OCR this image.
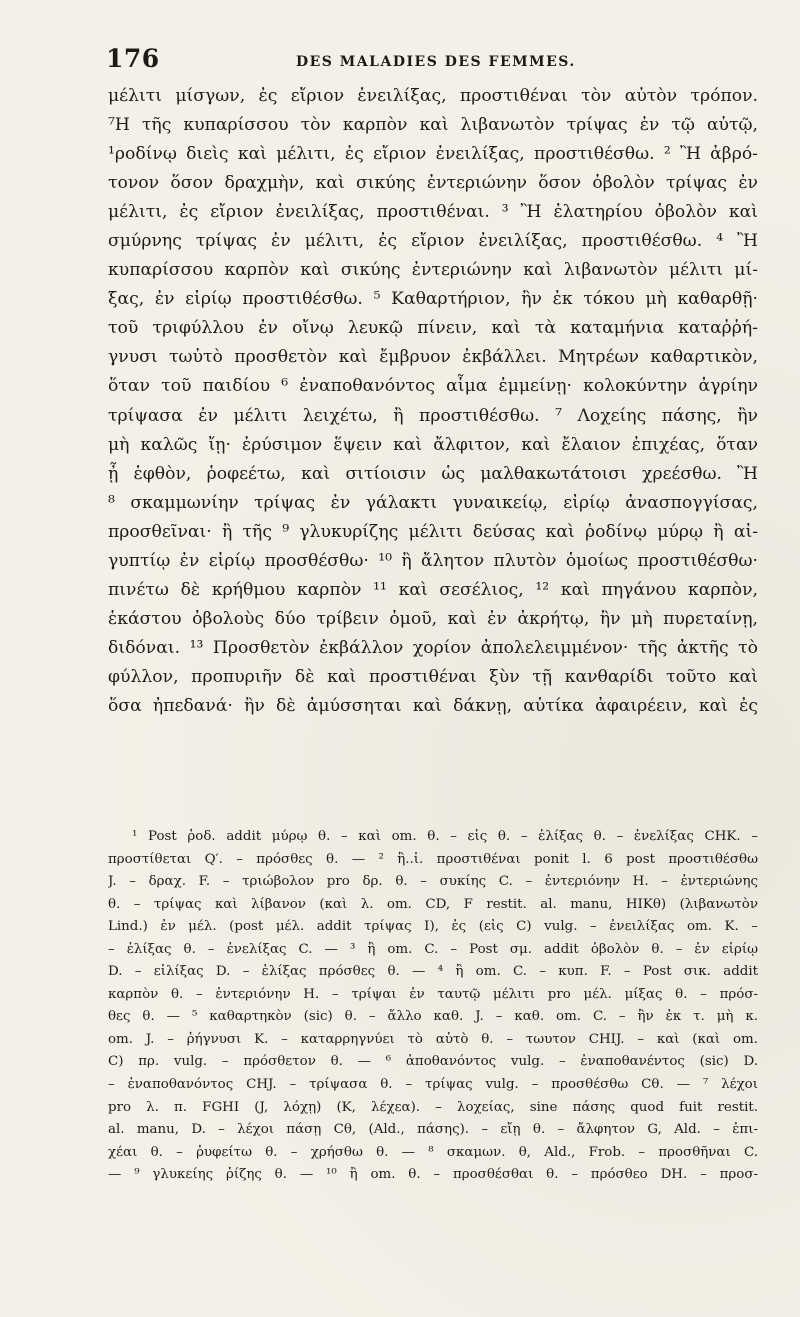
176	DES MALADIES DES FEMMES.
μέλιτι μίσγων, ἐς εἴριον ἐνειλίξας, προστιθέναι τὸν αὐτὸν τρόπον.
⁷Η τῆς κυπαρίσσου τὸν καρπὸν καὶ λιβανωτὸν τρίψας ἐν τῷ αὐτῷ,
¹ροδίνῳ διεὶς καὶ μέλιτι, ἐς εἴριον ἐνειλίξας, προστιθέσθω. ² Ἢ ἀβρό-
τονον ὅσον δραχμὴν, καὶ σικύης ἐντεριώνην ὅσον ὀβολὸν τρίψας ἐν
μέλιτι, ἐς εἴριον ἐνειλίξας, προστιθέναι. ³ Ἢ ἐλατηρίου ὀβολὸν καὶ
σμύρνης τρίψας ἐν μέλιτι, ἐς εἴριον ἐνειλίξας, προστιθέσθω. ⁴ Ἢ
κυπαρίσσου καρπὸν καὶ σικύης ἐντεριώνην καὶ λιβανωτὸν μέλιτι μί-
ξας, ἐν εἰρίῳ προστιθέσθω. ⁵ Καθαρτήριον, ἢν ἐκ τόκου μὴ καθαρθῇ·
τοῦ τριφύλλου ἐν οἴνῳ λευκῷ πίνειν, καὶ τὰ καταμήνια καταῤῥή-
γνυσι τωὐτὸ προσθετὸν καὶ ἔμβρυον ἐκβάλλει. Μητρέων καθαρτικὸν,
ὅταν τοῦ παιδίου ⁶ ἐναποθανόντος αἷμα ἐμμείνῃ· κολοκύντην ἀγρίην
τρίψασα ἐν μέλιτι λειχέτω, ἢ προστιθέσθω. ⁷ Λοχείης πάσης, ἢν
μὴ καλῶς ἴῃ· ἐρύσιμον ἕψειν καὶ ἄλφιτον, καὶ ἔλαιον ἐπιχέας, ὅταν
ᾖ ἑφθὸν, ῥοφεέτω, καὶ σιτίοισιν ὡς μαλθακωτάτοισι χρεέσθω. Ἢ
⁸ σκαμμωνίην τρίψας ἐν γάλακτι γυναικείῳ, εἰρίῳ ἀνασπογγίσας,
προσθεῖναι· ἢ τῆς ⁹ γλυκυρίζης μέλιτι δεύσας καὶ ῥοδίνῳ μύρῳ ἢ αἰ-
γυπτίῳ ἐν εἰρίῳ προσθέσθω· ¹⁰ ἢ ἄλητον πλυτὸν ὁμοίως προστιθέσθω·
πινέτω δὲ κρήθμου καρπὸν ¹¹ καὶ σεσέλιος, ¹² καὶ πηγάνου καρπὸν,
ἑκάστου ὀβολοὺς δύο τρίβειν ὁμοῦ, καὶ ἐν ἀκρήτῳ, ἢν μὴ πυρεταίνῃ,
διδόναι. ¹³ Προσθετὸν ἐκβάλλον χορίον ἀπολελειμμένον· τῆς ἀκτῆς τὸ
φύλλον, προπυριῆν δὲ καὶ προστιθέναι ξὺν τῇ κανθαρίδι τοῦτο καὶ
ὅσα ἠπεδανά· ἢν δὲ ἀμύσσηται καὶ δάκνῃ, αὐτίκα ἀφαιρέειν, καὶ ἐς
¹ Post ῥοδ. addit μύρῳ θ. – καὶ om. θ. – εἰς θ. – ἐλίξας θ. – ἐνελίξας CHK. –
προστίθεται Q′. – πρόσθες θ. — ² ἢ..ἰ. προστιθέναι ponit l. 6 post προστιθέσθω
J. – δραχ. F. – τριώβολον pro δρ. θ. – συκίης C. – ἐντεριόνην H. – ἐντεριώνης
θ. – τρίψας καὶ λίβανον (καὶ λ. om. CD, F restit. al. manu, HIKθ) (λιβανωτὸν
Lind.) ἐν μέλ. (post μέλ. addit τρίψας I), ἐς (εἰς C) vulg. – ἐνειλίξας om. K. –
– ἐλίξας θ. – ἐνελίξας C. — ³ ἢ om. C. – Post σμ. addit ὀβολὸν θ. – ἐν εἰρίῳ
D. – εἰλίξας D. – ἐλίξας πρόσθες θ. — ⁴ ἢ om. C. – κυπ. F. – Post σικ. addit
καρπὸν θ. – ἐντεριόνην H. – τρίψαι ἐν ταυτῷ μέλιτι pro μέλ. μίξας θ. – πρόσ-
θες θ. — ⁵ καθαρτηκὸν (sic) θ. – ἄλλο καθ. J. – καθ. om. C. – ἢν ἐκ τ. μὴ κ.
om. J. – ῥήγνυσι K. – καταρρηγνύει τὸ αὐτὸ θ. – τωυτον CHIJ. – καὶ (καὶ om.
C) πρ. vulg. – πρόσθετον θ. — ⁶ ἀποθανόντος vulg. – ἐναποθανέντος (sic) D.
– ἐναποθανόντος CHJ. – τρίψασα θ. – τρίψας vulg. – προσθέσθω Cθ. — ⁷ λέχοι
pro λ. π. FGHI (J, λόχῃ) (K, λέχεα). – λοχείας, sine πάσης quod fuit restit.
al. manu, D. – λέχοι πάσῃ Cθ, (Ald., πάσης). – εἴῃ θ. – ἄλφητον G, Ald. – ἐπι-
χέαι θ. – ῥυφείτω θ. – χρήσθω θ. — ⁸ σκαμων. θ, Ald., Frob. – προσθῆναι C.
— ⁹ γλυκείης ῥίζης θ. — ¹⁰ ἢ om. θ. – προσθέσθαι θ. – πρόσθεο DH. – προσ-
